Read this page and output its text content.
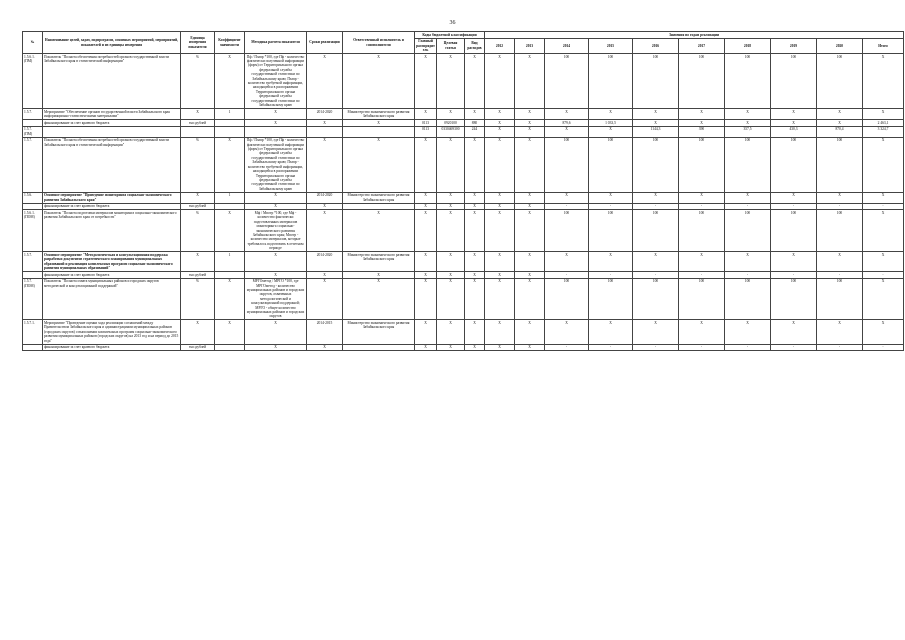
36
№	Наименование целей, задач, подпрограмм, основных мероприятий, мероприятий, показателей и их единицы измерения	Единица измерения показателя	Коэффициент значимости	Методика расчета показателя	Сроки реализации	Ответственный исполнитель и соисполнители	Коды бюджетной классификации			Значения по годам реализации									
							Главный распорядитель	Целевая статья	Вид расходов	2012	2013	2014	2015	2016	2017	2018	2019	2020	Итого
1.5.6.1. (ПМ)	Показатель "Полнота обеспечения потребностей органов государственной власти Забайкальского края в статистической информации"	%	Х	Пф / Пзапр *100, где Пф - количество фактически полученной информации (форм) от Территориального органа федеральной службы государственной статистики по Забайкальскому краю; Пзапр - количество требуемой информации, находящейся в распоряжении Территориального органа федеральной службы государственной статистики по Забайкальскому краю	Х	Х	Х	Х	Х	Х	Х	100	100	100	100	100	100	100	Х
1.5.7.	Мероприятие "Обеспечение органов государственной власти Забайкальского края информационно-статистическими материалами"	Х	1	Х	2014-2020	Министерство экономического развития Забайкальского края	Х	Х	Х	Х	Х	Х	Х	Х	Х	Х	Х	Х	Х
	финансирование за счет краевого бюджета	тыс.рублей		Х	Х	Х	0113	0920100	880	Х	Х	879,6	1 033,5	Х	Х	Х	Х	Х	2 463,1
1.5.7. (ПМ)							0113	0330469300	244	Х	Х	Х	Х	1144,3	390	357,5	430,3	870,4	3 324,7
1.5.7.	Показатель "Полнота обеспечения потребностей органов государственной власти Забайкальского края в статистической информации"	%	Х	Пф / Пзапр *100, где Пф - количество фактически полученной информации (форм) от Территориального органа федеральной службы государственной статистики по Забайкальскому краю; Пзапр - количество требуемой информации, находящейся в распоряжении Территориального органа федеральной службы государственной статистики по Забайкальскому краю	Х	Х	Х	Х	Х	Х	Х	100	100	100	100	100	100	100	Х
1.5.6.	Основное мероприятие "Проведение мониторинга социально-экономического развития Забайкальского края"	Х	1	Х	2014-2020	Министерство экономического развития Забайкальского края	Х	Х	Х	Х	Х	Х	Х	Х	Х	Х	Х	Х	Х
	финансирование за счет краевого бюджета	тыс.рублей		Х	Х		Х	Х	Х	Х	Х	-	-	-	-	-	-	-	-
1.5.6.1. (ПОМ)	Показатель "Полнота подготовки материалов мониторинга социально-экономического развития Забайкальского края от потребности"	%	Х	Мф / Мпотр *100, где Мф - количество фактически подготовленных материалов мониторинга социально-экономического развития Забайкальского края; Мпотр - количество материалов, которые требовалось подготовить в отчетном периоде	Х	Х	Х	Х	Х	Х	Х	100	100	100	100	100	100	100	Х
1.5.7.	Основное мероприятие "Методологическая и консультационная поддержка разработки документов стратегического планирования муниципальных образований и реализация комплексных программ социально-экономического развития муниципальных образований"	Х	1	Х	2014-2020	Министерство экономического развития Забайкальского края	Х	Х	Х	Х	Х	Х	Х	Х	Х	Х	Х	Х	Х
	финансирование за счет краевого бюджета	тыс.рублей		Х	Х	Х	Х	Х	Х	Х	Х	-	-	-	-	-	-	-	-
1.5.7. (ПОМ)	Показатель "Полнота охвата муниципальных районов и городских округов методической и консультационной поддержкой"	%	Х	МРГОметод / МРГО *100, где МРГОметод - количество муниципальных районов и городских округов, охваченных методологической и консультационной поддержкой; МРГО - общее количество муниципальных районов и городских округов	Х	Х	Х	Х	Х	Х	Х	100	100	100	100	100	100	100	Х
1.5.7.1.	Мероприятие "Проведение оценки хода реализации соглашений между Правительством Забайкальского края и администрациями муниципальных районов (городских округов) о выполнении комплексных программ социально-экономического развития муниципальных районов (городских округов) на 2013 год и на период до 2015 года"	Х	Х	Х	2014-2015	Министерство экономического развития Забайкальского края	Х	Х	Х	Х	Х	Х	Х	Х	Х	Х	Х	Х	Х
	финансирование за счет краевого бюджета	тыс.рублей		Х	Х		Х	Х	Х	Х	Х	-	-	-	-	-	-	-	-
